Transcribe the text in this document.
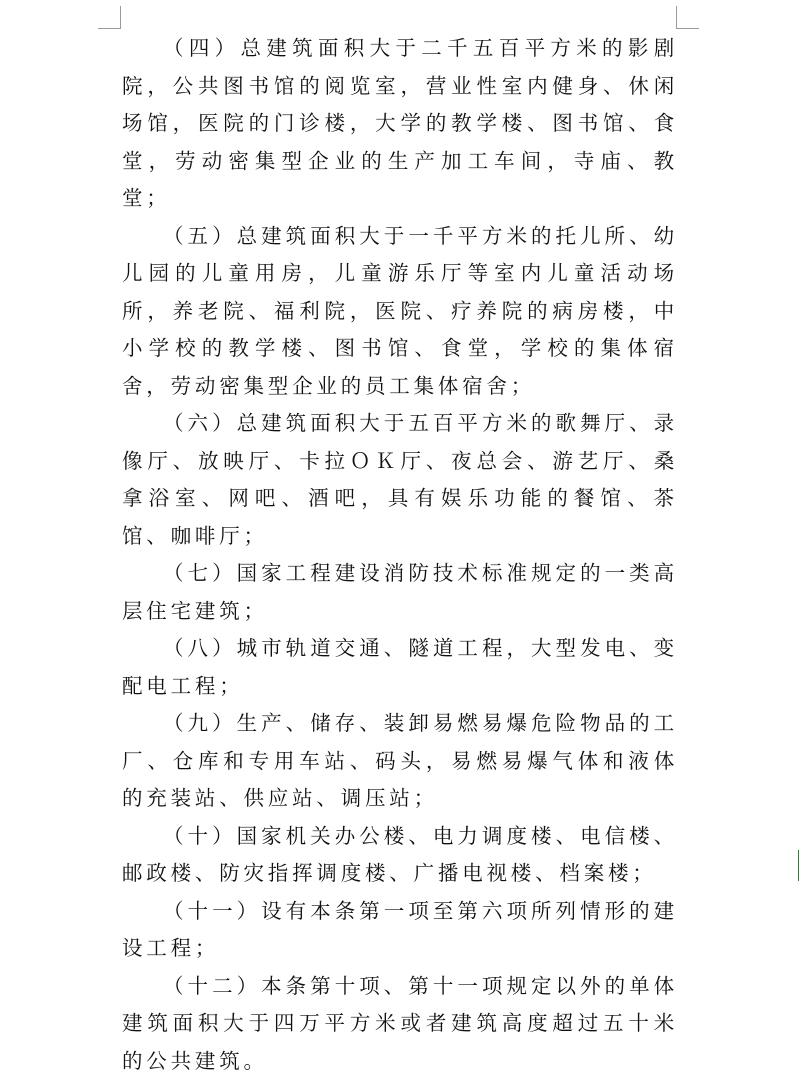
（四）总建筑面积大于二千五百平方米的影剧院，公共图书馆的阅览室，营业性室内健身、休闲场馆，医院的门诊楼，大学的教学楼、图书馆、食堂，劳动密集型企业的生产加工车间，寺庙、教堂；

（五）总建筑面积大于一千平方米的托儿所、幼儿园的儿童用房，儿童游乐厅等室内儿童活动场所，养老院、福利院，医院、疗养院的病房楼，中小学校的教学楼、图书馆、食堂，学校的集体宿舍，劳动密集型企业的员工集体宿舍；

（六）总建筑面积大于五百平方米的歌舞厅、录像厅、放映厅、卡拉ＯＫ厅、夜总会、游艺厅、桑拿浴室、网吧、酒吧，具有娱乐功能的餐馆、茶馆、咖啡厅；

（七）国家工程建设消防技术标准规定的一类高层住宅建筑；

（八）城市轨道交通、隧道工程，大型发电、变配电工程；

（九）生产、储存、装卸易燃易爆危险物品的工厂、仓库和专用车站、码头，易燃易爆气体和液体的充装站、供应站、调压站；

（十）国家机关办公楼、电力调度楼、电信楼、邮政楼、防灾指挥调度楼、广播电视楼、档案楼；

（十一）设有本条第一项至第六项所列情形的建设工程；

（十二）本条第十项、第十一项规定以外的单体建筑面积大于四万平方米或者建筑高度超过五十米的公共建筑。
